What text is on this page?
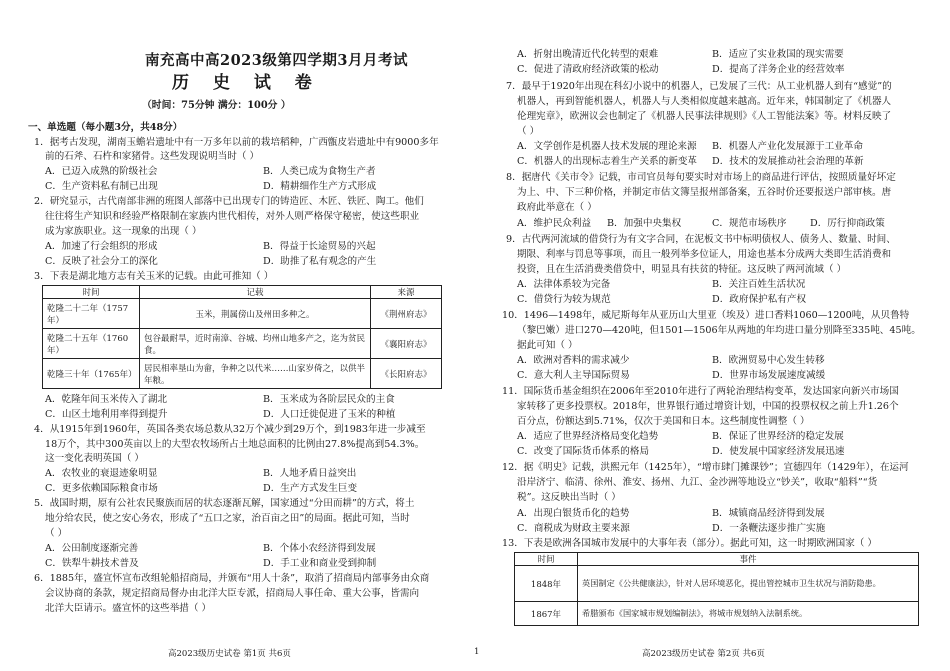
南充高中高2023级第四学期3月月考试
历 史 试 卷
（时间：75分钟 满分：100分 ）
一、单选题（每小题3分，共48分）
1．据考古发现，湖南玉蟾岩遗址中有一万多年以前的栽培稻种，广西甑皮岩遗址中有9000多年
前的石斧、石杵和家猪骨。这些发现说明当时（ ）
A．已迈入成熟的阶级社会	B．人类已成为食物生产者
C．生产资料私有制已出现	D．精耕细作生产方式形成
2．研究显示，古代南部非洲的班图人部落中已出现专门的铸造匠、木匠、铁匠、陶工。他们
往往将生产知识和经验严格限制在家族内世代相传，对外人则严格保守秘密，使这些职业
成为家族职业。这一现象的出现（ ）
A．加速了行会组织的形成	B．得益于长途贸易的兴起
C．反映了社会分工的深化	D．助推了私有观念的产生
3．下表是湖北地方志有关玉米的记载。由此可推知（ ）
时间	记载	来源
乾隆二十二年（1757年）	玉米，荆属傍山及州田多种之。	《荆州府志》
乾隆二十五年（1760年）	包谷最耐旱，近时南漳、谷城、均州山地多产之，迄为贫民食。	《襄阳府志》
乾隆三十年（1765年）	居民相率垦山为畲，争种之以代米……山家岁倚之，以供半年粮。	《长阳府志》
A．乾隆年间玉米传入了湖北	B．玉米成为各阶层民众的主食
C．山区土地利用率得到提升	D．人口迁徙促进了玉米的种植
4．从1915年到1960年，英国各类农场总数从32万个减少到29万个，到1983年进一步减至
18万个，其中300英亩以上的大型农牧场所占土地总面积的比例由27.8%提高到54.3%。
这一变化表明英国（ ）
A．农牧业的衰退迹象明显	B．人地矛盾日益突出
C．更多依赖国际粮食市场	D．生产方式发生巨变
5．战国时期，原有公社农民聚族而居的状态逐渐瓦解，国家通过“分田而耕”的方式，将土
地分给农民，使之安心务农，形成了“五口之家，治百亩之田”的局面。据此可知，当时
（ ）
A．公田制度逐渐完善	B．个体小农经济得到发展
C．铁犁牛耕技术普及	D．手工业和商业受到抑制
6．1885年，盛宣怀宣布改组轮船招商局，并颁布“用人十条”，取消了招商局内部事务由众商
会议协商的条款，规定招商局督办由北洋大臣专派，招商局人事任命、重大公事，皆需向
北洋大臣请示。盛宣怀的这些举措（ ）
高2023级历史试卷 第1页 共6页	1
A．折射出晚清近代化转型的艰难	B．适应了实业救国的现实需要
C．促进了清政府经济政策的松动	D．提高了洋务企业的经营效率
7．最早于1920年出现在科幻小说中的机器人，已发展了三代：从工业机器人到有“感觉”的
机器人，再到智能机器人，机器人与人类相似度越来越高。近年来，韩国制定了《机器人
伦理宪章》，欧洲议会也制定了《机器人民事法律规则》《人工智能法案》等。材料反映了
（ ）
A．文学创作是机器人技术发展的理论来源 B．机器人产业化发展源于工业革命
C．机器人的出现标志着生产关系的新变革 D．技术的发展推动社会治理的革新
8．据唐代《关市令》记载，市司官员每旬要实时对市场上的商品进行评估，按照质量好坏定
为上、中、下三种价格，并制定市估文簿呈报州部备案，五谷时价还要报送户部审核。唐
政府此举意在（ ）
A．维护民众利益 B．加强中央集权	C．规范市场秩序 D．厉行抑商政策
9．古代两河流域的借贷行为有文字合同，在泥板文书中标明债权人、债务人、数量、时间、
期限、利率与罚息等事项，而且一般列举多位证人，用途也基本分成两大类即生活消费和
投资，且在生活消费类借贷中，明显具有扶贫的特征。这反映了两河流域（ ）
A．法律体系较为完备	B．关注百姓生活状况
C．借贷行为较为规范	D．政府保护私有产权
10．1496—1498年，威尼斯每年从亚历山大里亚（埃及）进口香料1060—1200吨，从贝鲁特
（黎巴嫩）进口270—420吨，但1501—1506年从两地的年均进口量分别降至335吨、45吨。
据此可知（ ）
A．欧洲对香料的需求减少	B．欧洲贸易中心发生转移
C．意大利人主导国际贸易	D．世界市场发展速度减缓
11．国际货币基金组织在2006年至2010年进行了两轮治理结构变革，发达国家向新兴市场国
家转移了更多投票权。2018年，世界银行通过增资计划，中国的投票权权之前上升1.26个
百分点，份额达到5.71%，仅次于美国和日本。这些制度性调整（ ）
A．适应了世界经济格局变化趋势	B．保证了世界经济的稳定发展
C．改变了国际货币体系的格局	D．使发展中国家经济发展迅速
12．据《明史》记载，洪熙元年（1425年），“增市肆门摊课钞”；宣德四年（1429年），在运河
沿岸济宁、临清、徐州、淮安、扬州、九江、金沙洲等地设立“钞关”，收取“船料”“货
税”。这反映出当时（ ）
A．出现白银货币化的趋势	B．城镇商品经济得到发展
C．商税成为财政主要来源	D．一条鞭法逐步推广实施
13．下表是欧洲各国城市发展中的大事年表（部分）。据此可知，这一时期欧洲国家（ ）
时间	事件
1848年	英国制定《公共健康法》，针对人居环境恶化，提出管控城市卫生状况与消防隐患。
1867年	希腊颁布《国家城市规划编制法》，将城市规划纳入法制系统。
高2023级历史试卷 第2页 共6页
